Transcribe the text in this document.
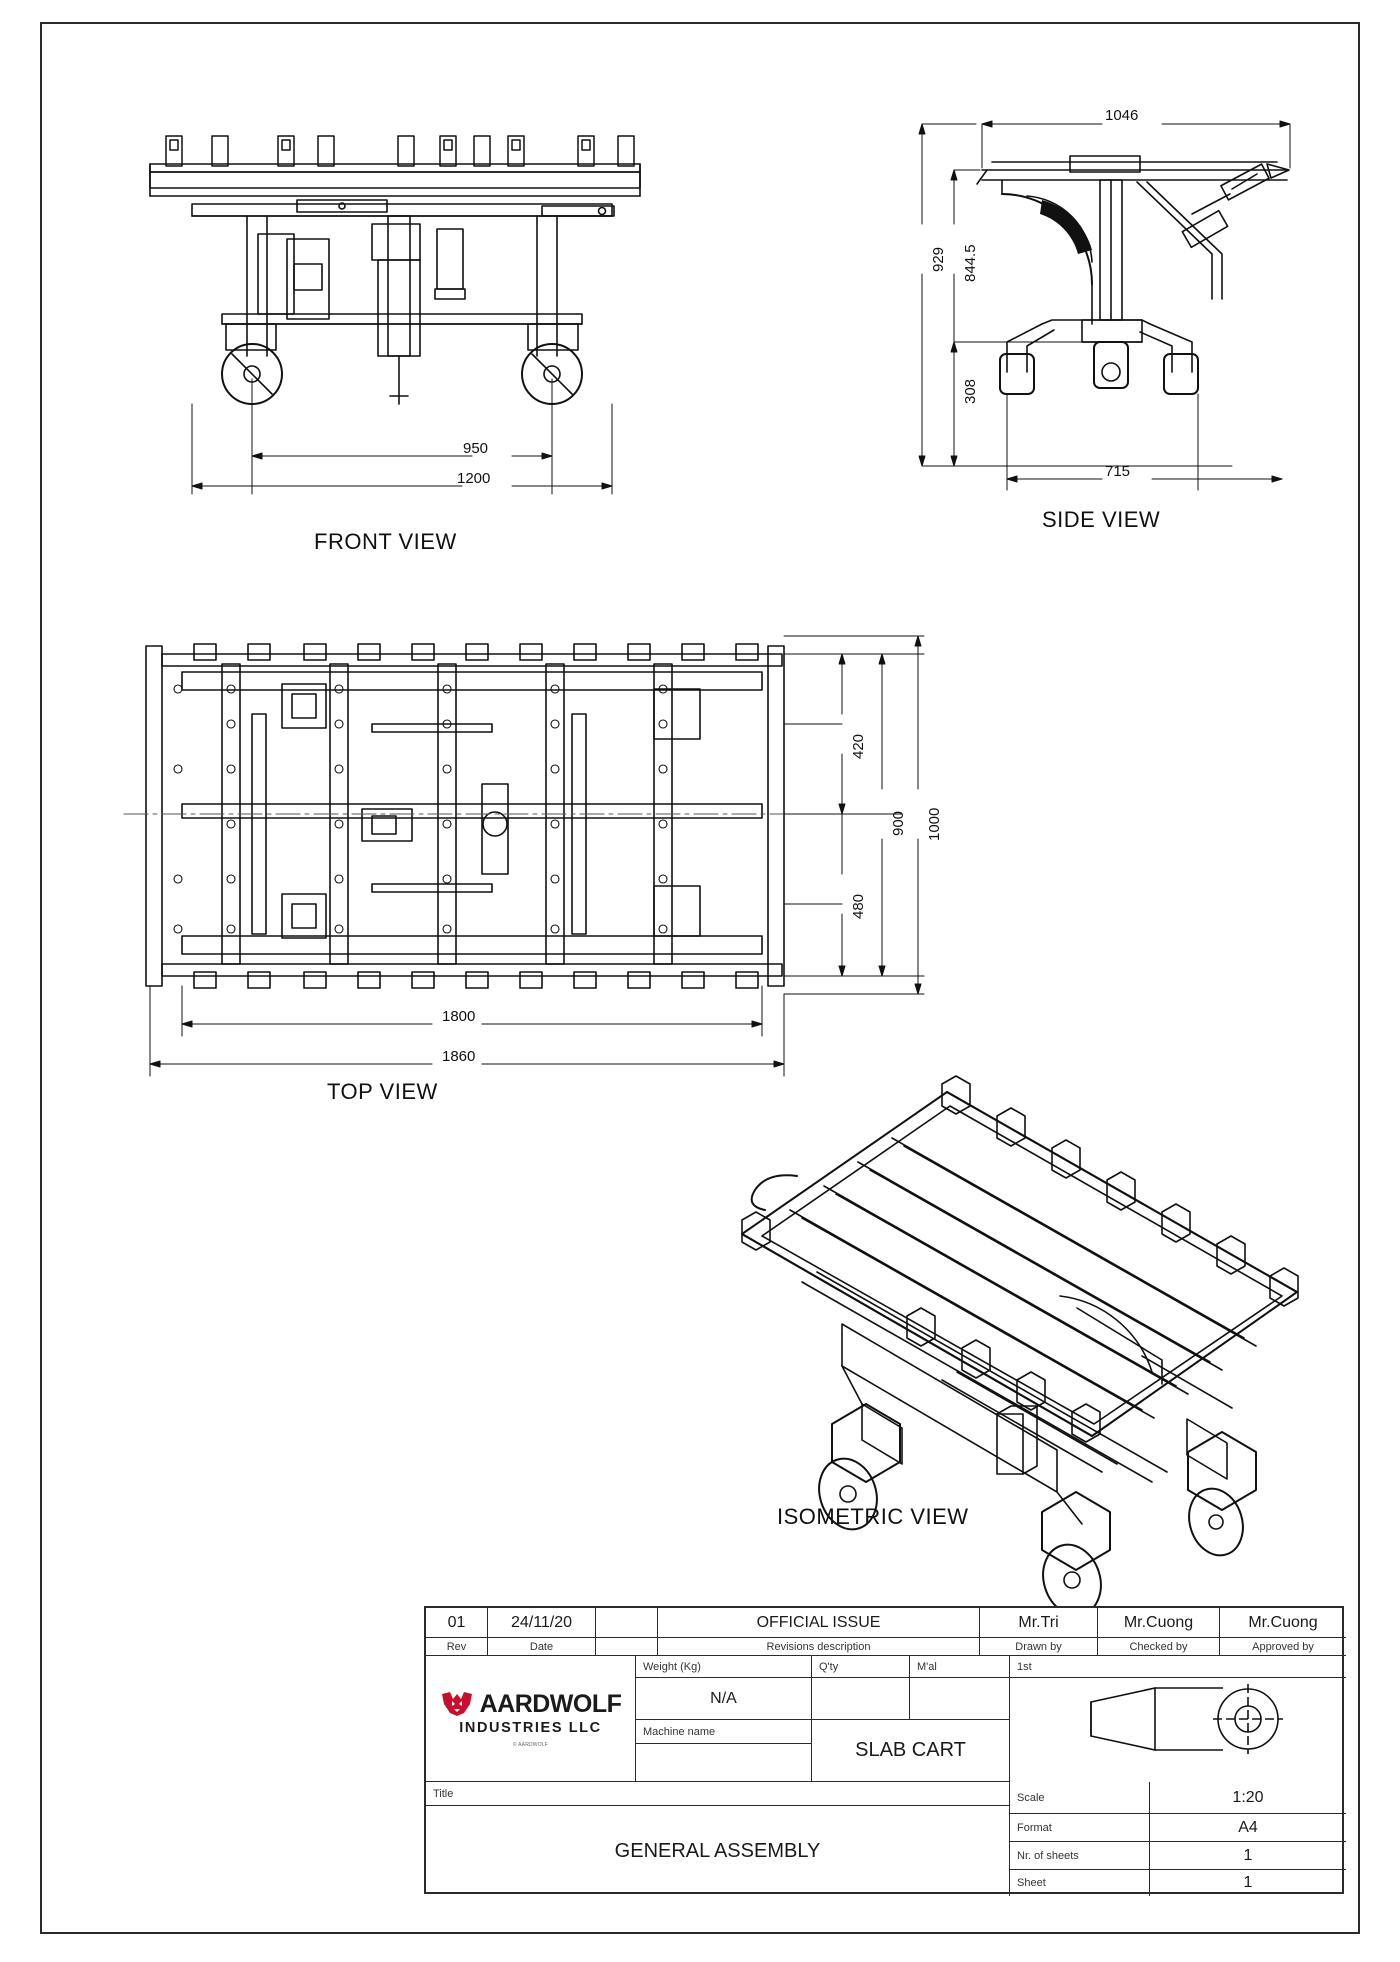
FRONT VIEW
SIDE VIEW
TOP VIEW
ISOMETRIC VIEW
950
1200
1046
929 844.5
308
715
420
480
900 1000
1800
1860
01	24/11/20	OFFICIAL ISSUE	Mr.Tri	Mr.Cuong	Mr.Cuong
Rev	Date	Revisions description	Drawn by	Checked by	Approved by
AARDWOLF
INDUSTRIES LLC
© AARDWOLF
Weight (Kg)	Q'ty	M'al	1st
N/A
Machine name
SLAB CART
Title
GENERAL ASSEMBLY
Scale	1:20
Format	A4
Nr. of sheets	1
Sheet	1
